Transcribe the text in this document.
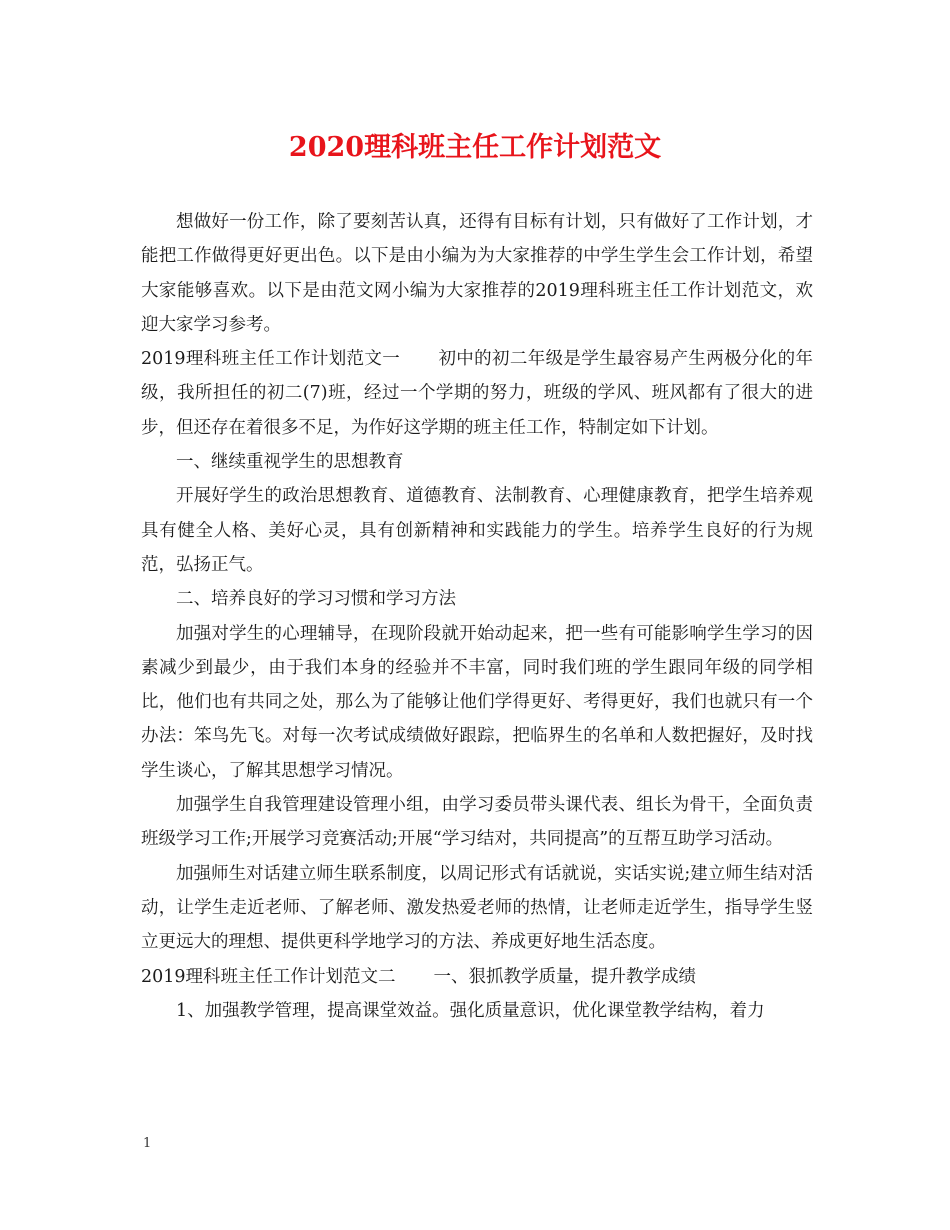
2020理科班主任工作计划范文

想做好一份工作，除了要刻苦认真，还得有目标有计划，只有做好了工作计划，才能把工作做得更好更出色。以下是由小编为为大家推荐的中学生学生会工作计划，希望大家能够喜欢。以下是由范文网小编为大家推荐的2019理科班主任工作计划范文，欢迎大家学习参考。

2019理科班主任工作计划范文一 初中的初二年级是学生最容易产生两极分化的年级，我所担任的初二(7)班，经过一个学期的努力，班级的学风、班风都有了很大的进步，但还存在着很多不足，为作好这学期的班主任工作，特制定如下计划。

一、继续重视学生的思想教育

开展好学生的政治思想教育、道德教育、法制教育、心理健康教育，把学生培养观具有健全人格、美好心灵，具有创新精神和实践能力的学生。培养学生良好的行为规范，弘扬正气。

二、培养良好的学习习惯和学习方法

加强对学生的心理辅导，在现阶段就开始动起来，把一些有可能影响学生学习的因素减少到最少，由于我们本身的经验并不丰富，同时我们班的学生跟同年级的同学相比，他们也有共同之处，那么为了能够让他们学得更好、考得更好，我们也就只有一个办法：笨鸟先飞。对每一次考试成绩做好跟踪，把临界生的名单和人数把握好，及时找学生谈心，了解其思想学习情况。

加强学生自我管理建设管理小组，由学习委员带头课代表、组长为骨干，全面负责班级学习工作;开展学习竞赛活动;开展“学习结对，共同提高”的互帮互助学习活动。

加强师生对话建立师生联系制度，以周记形式有话就说，实话实说;建立师生结对活动，让学生走近老师、了解老师、激发热爱老师的热情，让老师走近学生，指导学生竖立更远大的理想、提供更科学地学习的方法、养成更好地生活态度。

2019理科班主任工作计划范文二 一、狠抓教学质量，提升教学成绩

1、加强教学管理，提高课堂效益。强化质量意识，优化课堂教学结构，着力

1
